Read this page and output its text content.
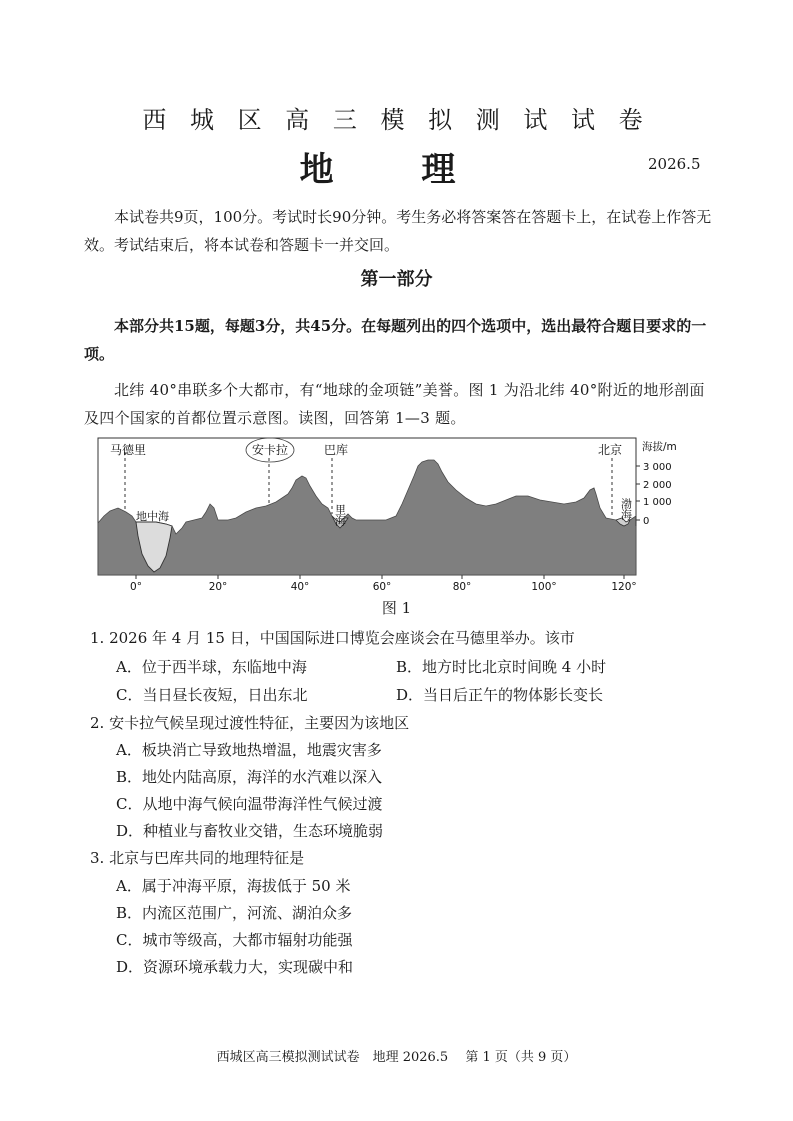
西 城 区 高 三 模 拟 测 试 试 卷
地 理	2026.5

本试卷共9页，100分。考试时长90分钟。考生务必将答案答在答题卡上，在试卷上作答无效。考试结束后，将本试卷和答题卡一并交回。

第一部分

本部分共15题，每题3分，共45分。在每题列出的四个选项中，选出最符合题目要求的一项。

北纬 40°串联多个大都市，有“地球的金项链”美誉。图 1 为沿北纬 40°附近的地形剖面及四个国家的首都位置示意图。读图，回答第 1—3 题。

马德里	安卡拉	巴库	北京
地中海	里海	渤海
海拔/m
3 000
2 000
1 000
0
0°	20°	40°	60°	80°	100°	120°
图 1
1. 2026 年 4 月 15 日，中国国际进口博览会座谈会在马德里举办。该市
A．位于西半球，东临地中海	B．地方时比北京时间晚 4 小时
C．当日昼长夜短，日出东北	D．当日后正午的物体影长变长
2. 安卡拉气候呈现过渡性特征，主要因为该地区
A．板块消亡导致地热增温，地震灾害多
B．地处内陆高原，海洋的水汽难以深入
C．从地中海气候向温带海洋性气候过渡
D．种植业与畜牧业交错，生态环境脆弱
3. 北京与巴库共同的地理特征是
A．属于冲海平原，海拔低于 50 米
B．内流区范围广，河流、湖泊众多
C．城市等级高，大都市辐射功能强
D．资源环境承载力大，实现碳中和
西城区高三模拟测试试卷　地理 2026.5　 第 1 页（共 9 页）
